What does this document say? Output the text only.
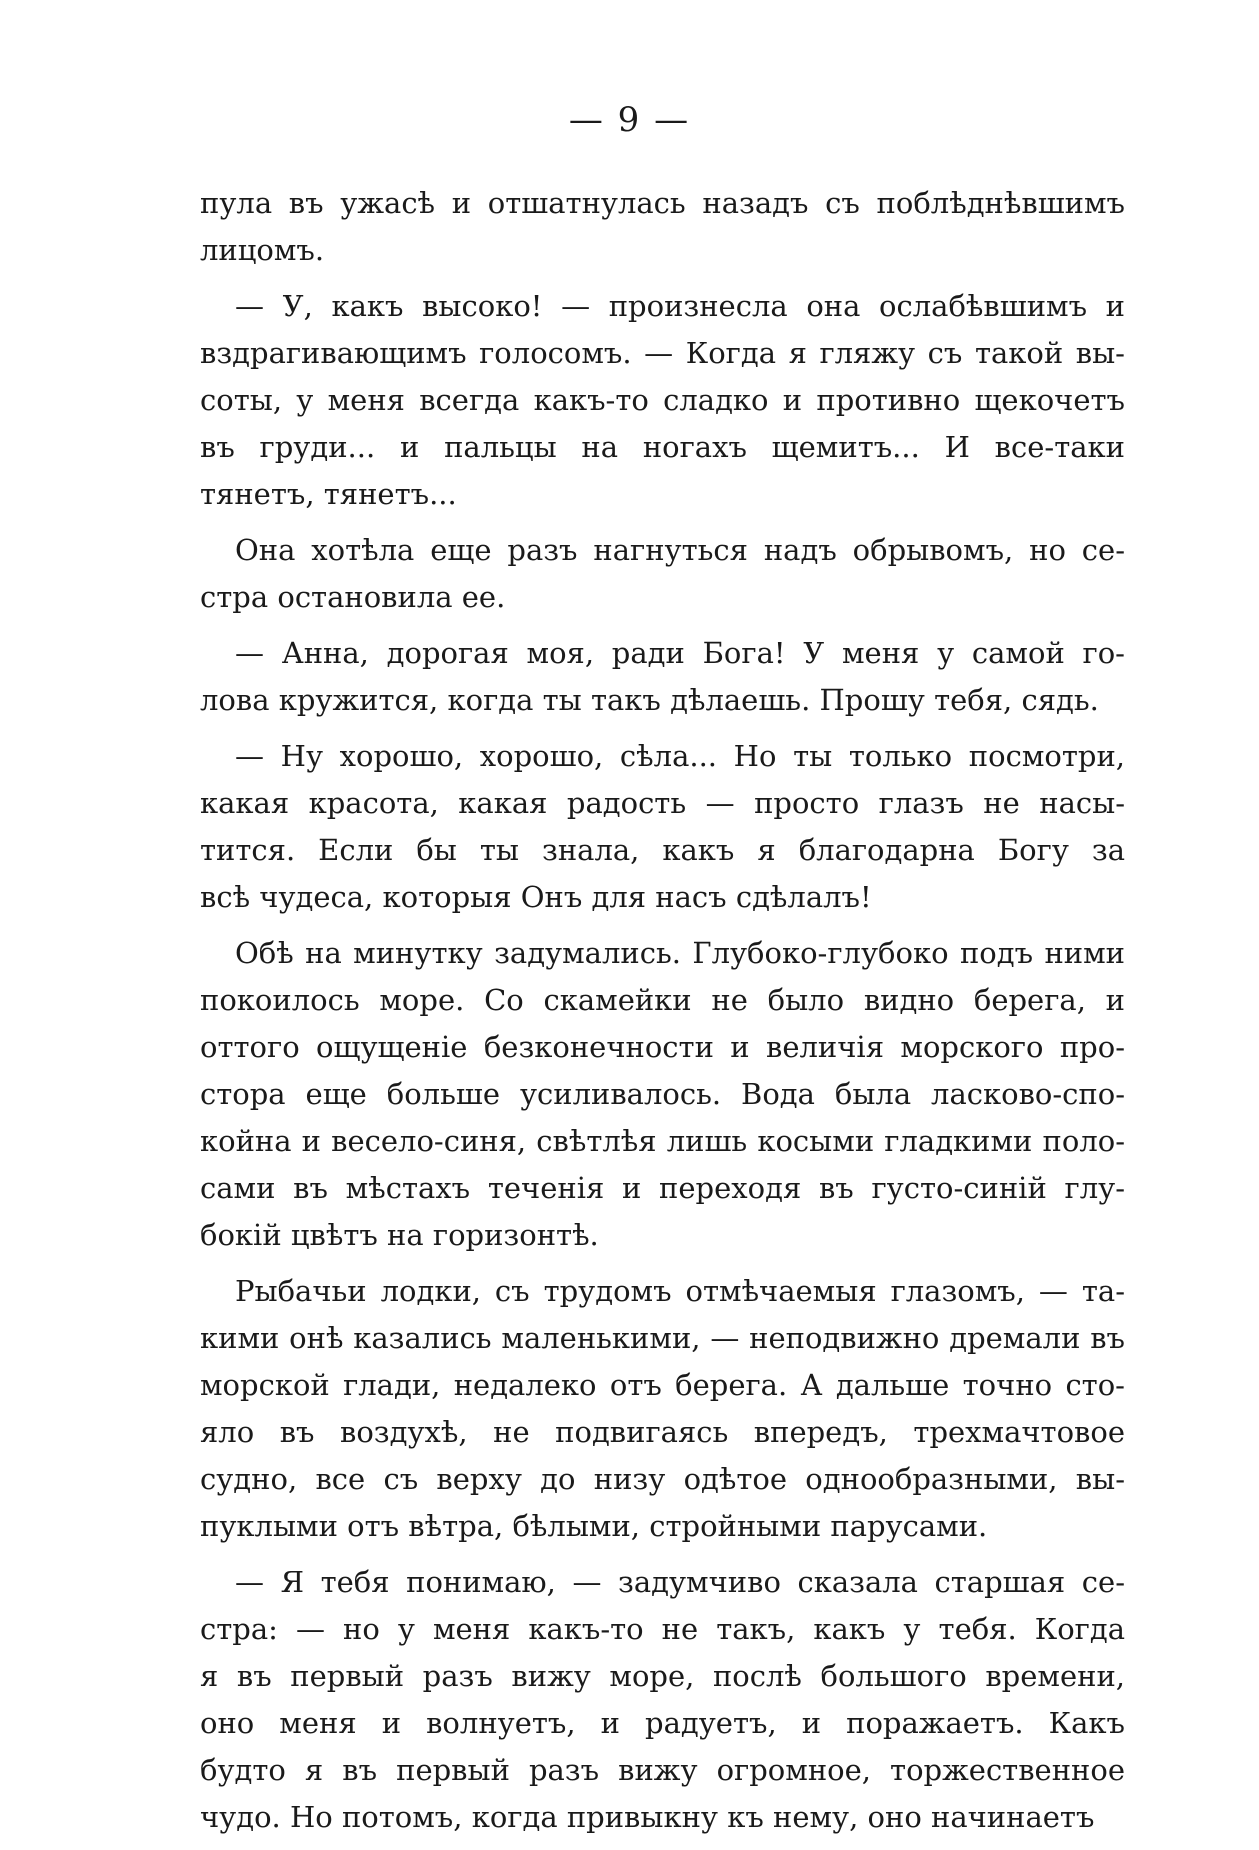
— 9 —
пула въ ужасѣ и отшатнулась назадъ съ поблѣднѣвшимъ
лицомъ.
— У, какъ высоко! — произнесла она ослабѣвшимъ и
вздрагивающимъ голосомъ. — Когда я гляжу съ такой вы-
соты, у меня всегда какъ-то сладко и противно щекочетъ
въ груди... и пальцы на ногахъ щемитъ... И все-таки
тянетъ, тянетъ...
Она хотѣла еще разъ нагнуться надъ обрывомъ, но се-
стра остановила ее.
— Анна, дорогая моя, ради Бога! У меня у самой го-
лова кружится, когда ты такъ дѣлаешь. Прошу тебя, сядь.
— Ну хорошо, хорошо, сѣла... Но ты только посмотри,
какая красота, какая радость — просто глазъ не насы-
тится. Если бы ты знала, какъ я благодарна Богу за
всѣ чудеса, которыя Онъ для насъ сдѣлалъ!
Обѣ на минутку задумались. Глубоко-глубоко подъ ними
покоилось море. Со скамейки не было видно берега, и
оттого ощущенiе безконечности и величiя морского про-
стора еще больше усиливалось. Вода была ласково-спо-
койна и весело-синя, свѣтлѣя лишь косыми гладкими поло-
сами въ мѣстахъ теченiя и переходя въ густо-синiй глу-
бокiй цвѣтъ на горизонтѣ.
Рыбачьи лодки, съ трудомъ отмѣчаемыя глазомъ, — та-
кими онѣ казались маленькими, — неподвижно дремали въ
морской глади, недалеко отъ берега. А дальше точно сто-
яло въ воздухѣ, не подвигаясь впередъ, трехмачтовое
судно, все съ верху до низу одѣтое однообразными, вы-
пуклыми отъ вѣтра, бѣлыми, стройными парусами.
— Я тебя понимаю, — задумчиво сказала старшая се-
стра: — но у меня какъ-то не такъ, какъ у тебя. Когда
я въ первый разъ вижу море, послѣ большого времени,
оно меня и волнуетъ, и радуетъ, и поражаетъ. Какъ
будто я въ первый разъ вижу огромное, торжественное
чудо. Но потомъ, когда привыкну къ нему, оно начинаетъ
